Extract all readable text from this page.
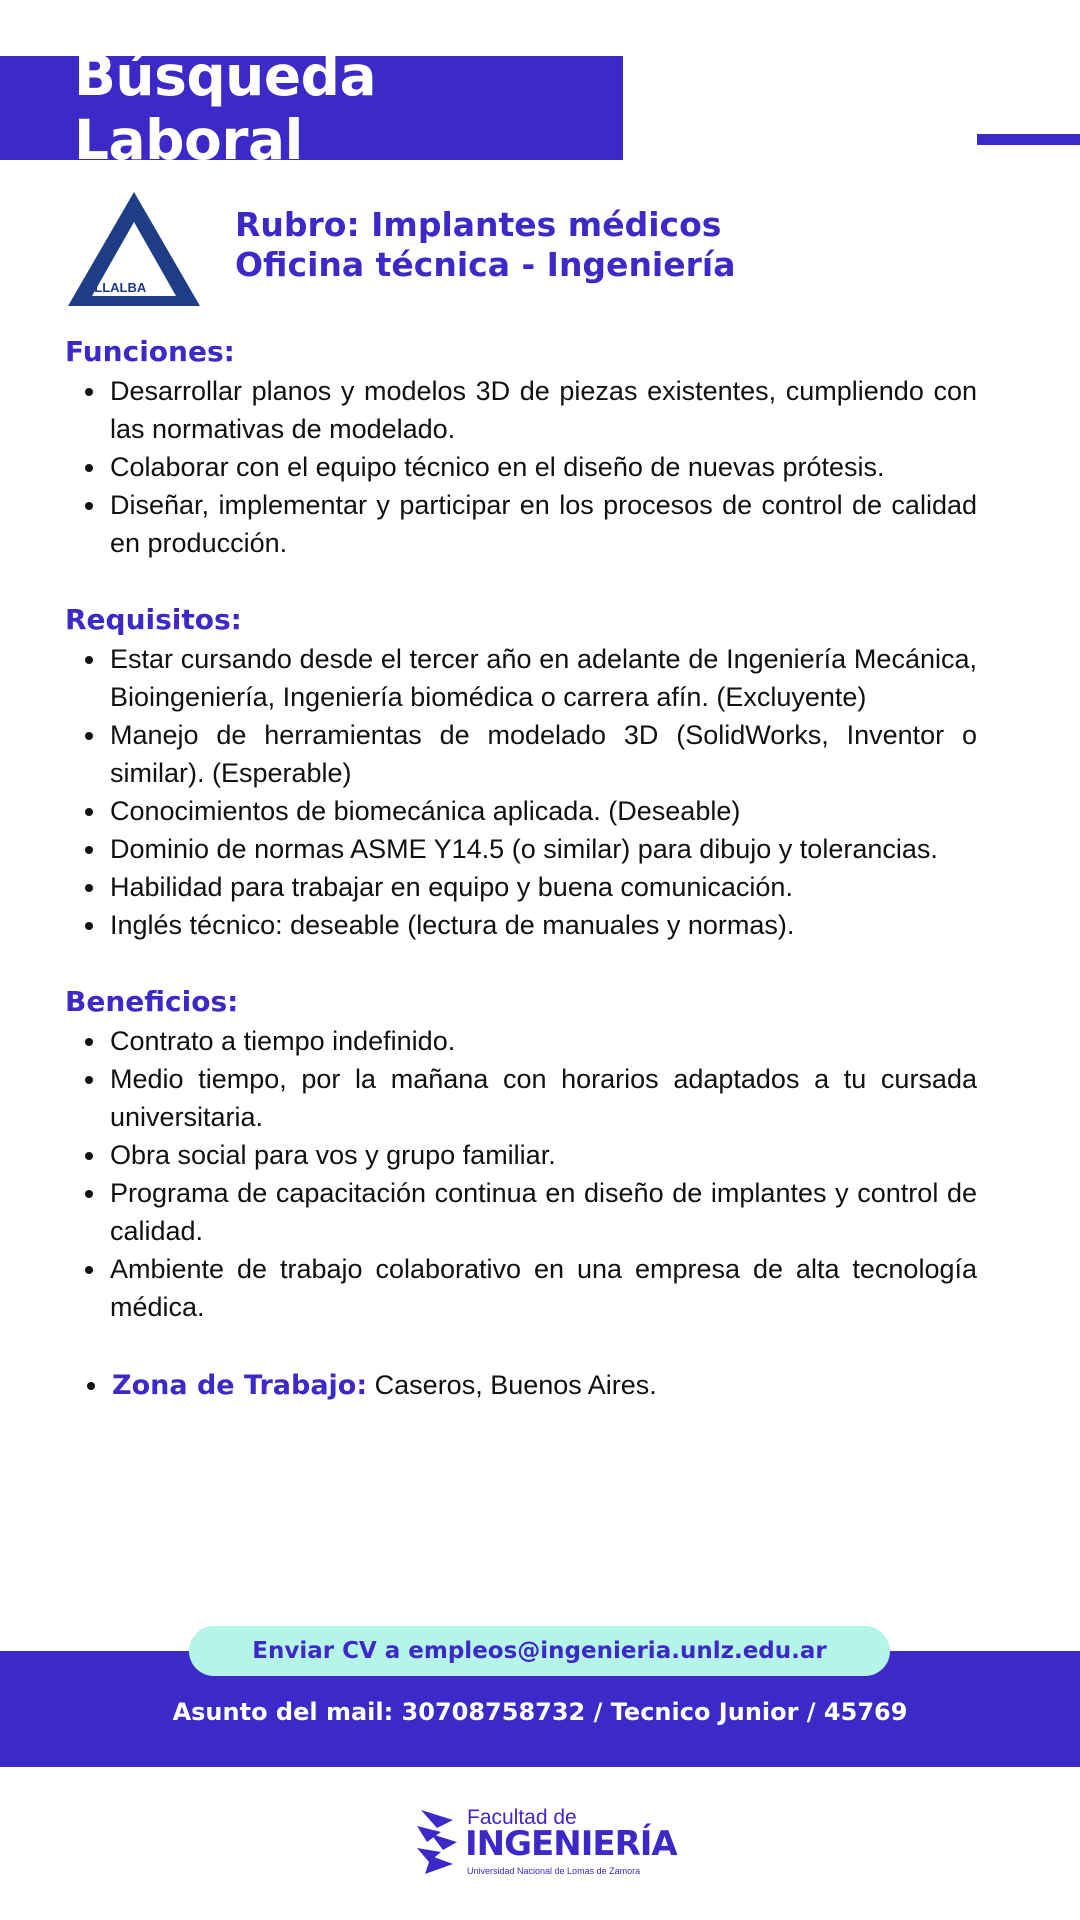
Búsqueda Laboral
VILLALBA
Rubro: Implantes médicos
Oficina técnica - Ingeniería
Funciones:
Desarrollar planos y modelos 3D de piezas existentes, cumpliendo con las normativas de modelado.
Colaborar con el equipo técnico en el diseño de nuevas prótesis.
Diseñar, implementar y participar en los procesos de control de calidad en producción.
Requisitos:
Estar cursando desde el tercer año en adelante de Ingeniería Mecánica, Bioingeniería, Ingeniería biomédica o carrera afín. (Excluyente)
Manejo de herramientas de modelado 3D (SolidWorks, Inventor o similar). (Esperable)
Conocimientos de biomecánica aplicada. (Deseable)
Dominio de normas ASME Y14.5 (o similar) para dibujo y tolerancias.
Habilidad para trabajar en equipo y buena comunicación.
Inglés técnico: deseable (lectura de manuales y normas).
Beneficios:
Contrato a tiempo indefinido.
Medio tiempo, por la mañana con horarios adaptados a tu cursada universitaria.
Obra social para vos y grupo familiar.
Programa de capacitación continua en diseño de implantes y control de calidad.
Ambiente de trabajo colaborativo en una empresa de alta tecnología médica.
Zona de Trabajo: Caseros, Buenos Aires.
Enviar CV a empleos@ingenieria.unlz.edu.ar
Asunto del mail: 30708758732 / Tecnico Junior / 45769
Facultad de
INGENIERÍA
Universidad Nacional de Lomas de Zamora
